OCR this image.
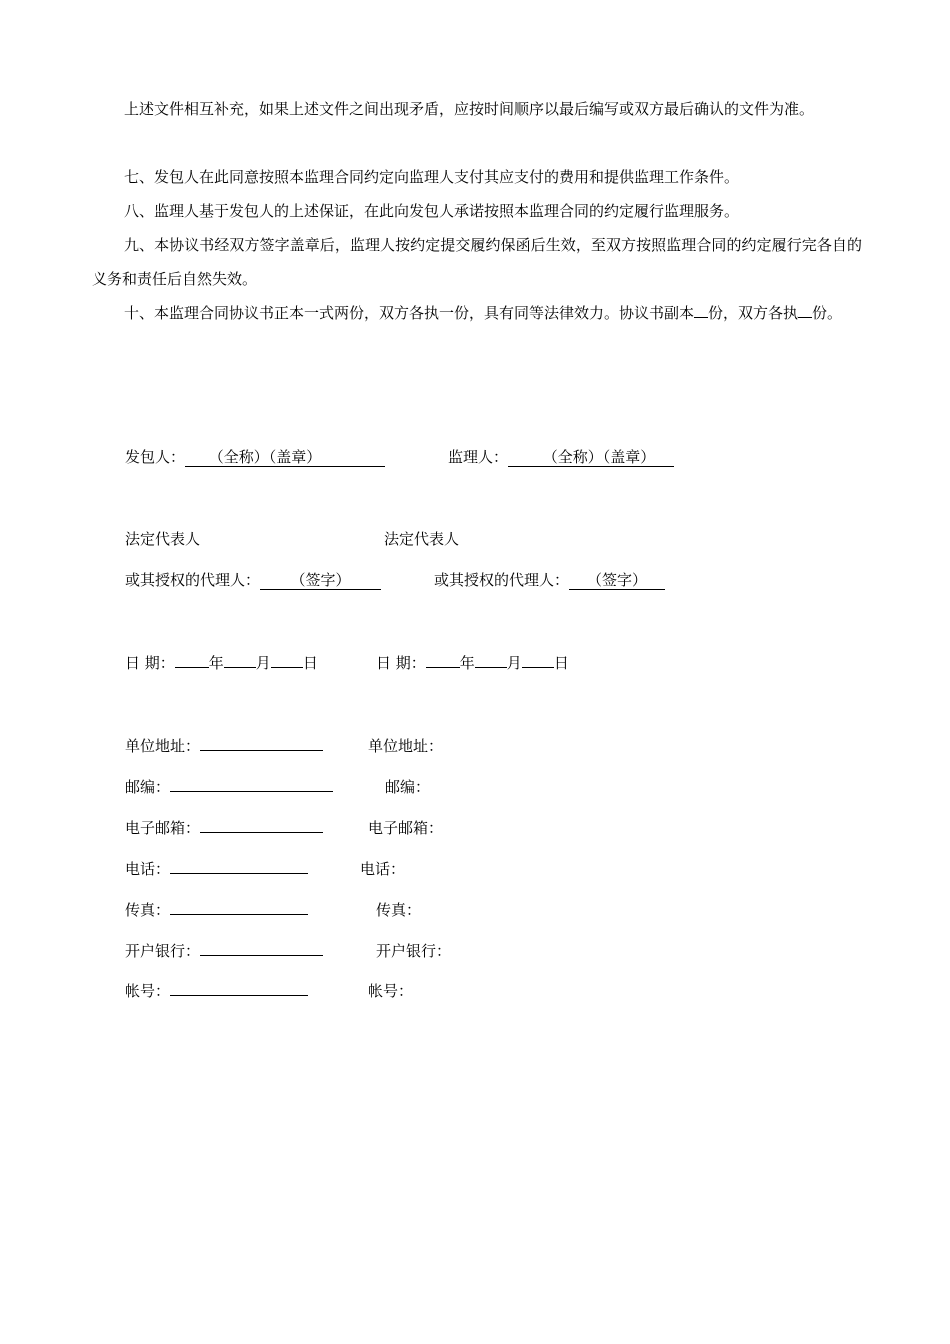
上述文件相互补充，如果上述文件之间出现矛盾，应按时间顺序以最后编写或双方最后确认的文件为准。

七、发包人在此同意按照本监理合同约定向监理人支付其应支付的费用和提供监理工作条件。

八、监理人基于发包人的上述保证，在此向发包人承诺按照本监理合同的约定履行监理服务。

九、本协议书经双方签字盖章后，监理人按约定提交履约保函后生效，至双方按照监理合同的约定履行完各自的义务和责任后自然失效。

十、本监理合同协议书正本一式两份，双方各执一份，具有同等法律效力。协议书副本 份，双方各执 份。

发包人： （全称）（盖章）	监理人： （全称）（盖章）
法定代表人	法定代表人
或其授权的代理人： （签字）	或其授权的代理人： （签字）
日 期： 年 月 日	日 期： 年 月 日
单位地址：	单位地址：
邮编：	邮编：
电子邮箱：	电子邮箱：
电话：	电话：
传真：	传真：
开户银行：	开户银行：
帐号：	帐号：
